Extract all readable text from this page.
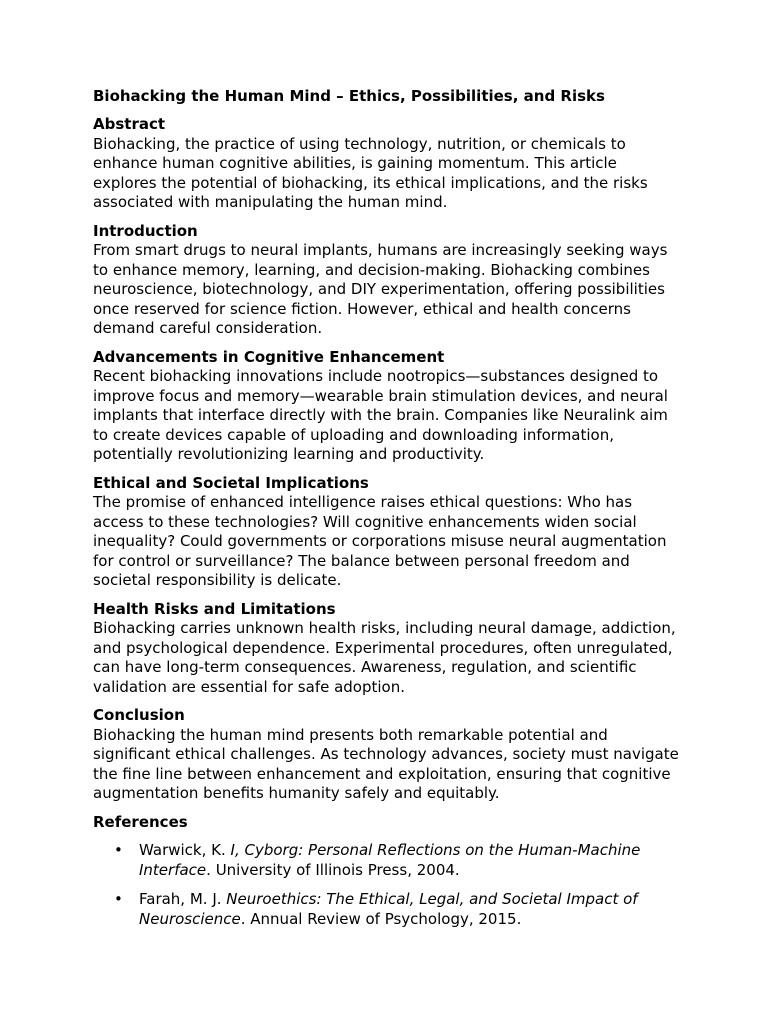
Biohacking the Human Mind – Ethics, Possibilities, and Risks
Abstract
Biohacking, the practice of using technology, nutrition, or chemicals to enhance human cognitive abilities, is gaining momentum. This article explores the potential of biohacking, its ethical implications, and the risks associated with manipulating the human mind.
Introduction
From smart drugs to neural implants, humans are increasingly seeking ways to enhance memory, learning, and decision-making. Biohacking combines neuroscience, biotechnology, and DIY experimentation, offering possibilities once reserved for science fiction. However, ethical and health concerns demand careful consideration.
Advancements in Cognitive Enhancement
Recent biohacking innovations include nootropics—substances designed to improve focus and memory—wearable brain stimulation devices, and neural implants that interface directly with the brain. Companies like Neuralink aim to create devices capable of uploading and downloading information, potentially revolutionizing learning and productivity.
Ethical and Societal Implications
The promise of enhanced intelligence raises ethical questions: Who has access to these technologies? Will cognitive enhancements widen social inequality? Could governments or corporations misuse neural augmentation for control or surveillance? The balance between personal freedom and societal responsibility is delicate.
Health Risks and Limitations
Biohacking carries unknown health risks, including neural damage, addiction, and psychological dependence. Experimental procedures, often unregulated, can have long-term consequences. Awareness, regulation, and scientific validation are essential for safe adoption.
Conclusion
Biohacking the human mind presents both remarkable potential and significant ethical challenges. As technology advances, society must navigate the fine line between enhancement and exploitation, ensuring that cognitive augmentation benefits humanity safely and equitably.
References
• Warwick, K. I, Cyborg: Personal Reflections on the Human-Machine Interface. University of Illinois Press, 2004.
• Farah, M. J. Neuroethics: The Ethical, Legal, and Societal Impact of Neuroscience. Annual Review of Psychology, 2015.
